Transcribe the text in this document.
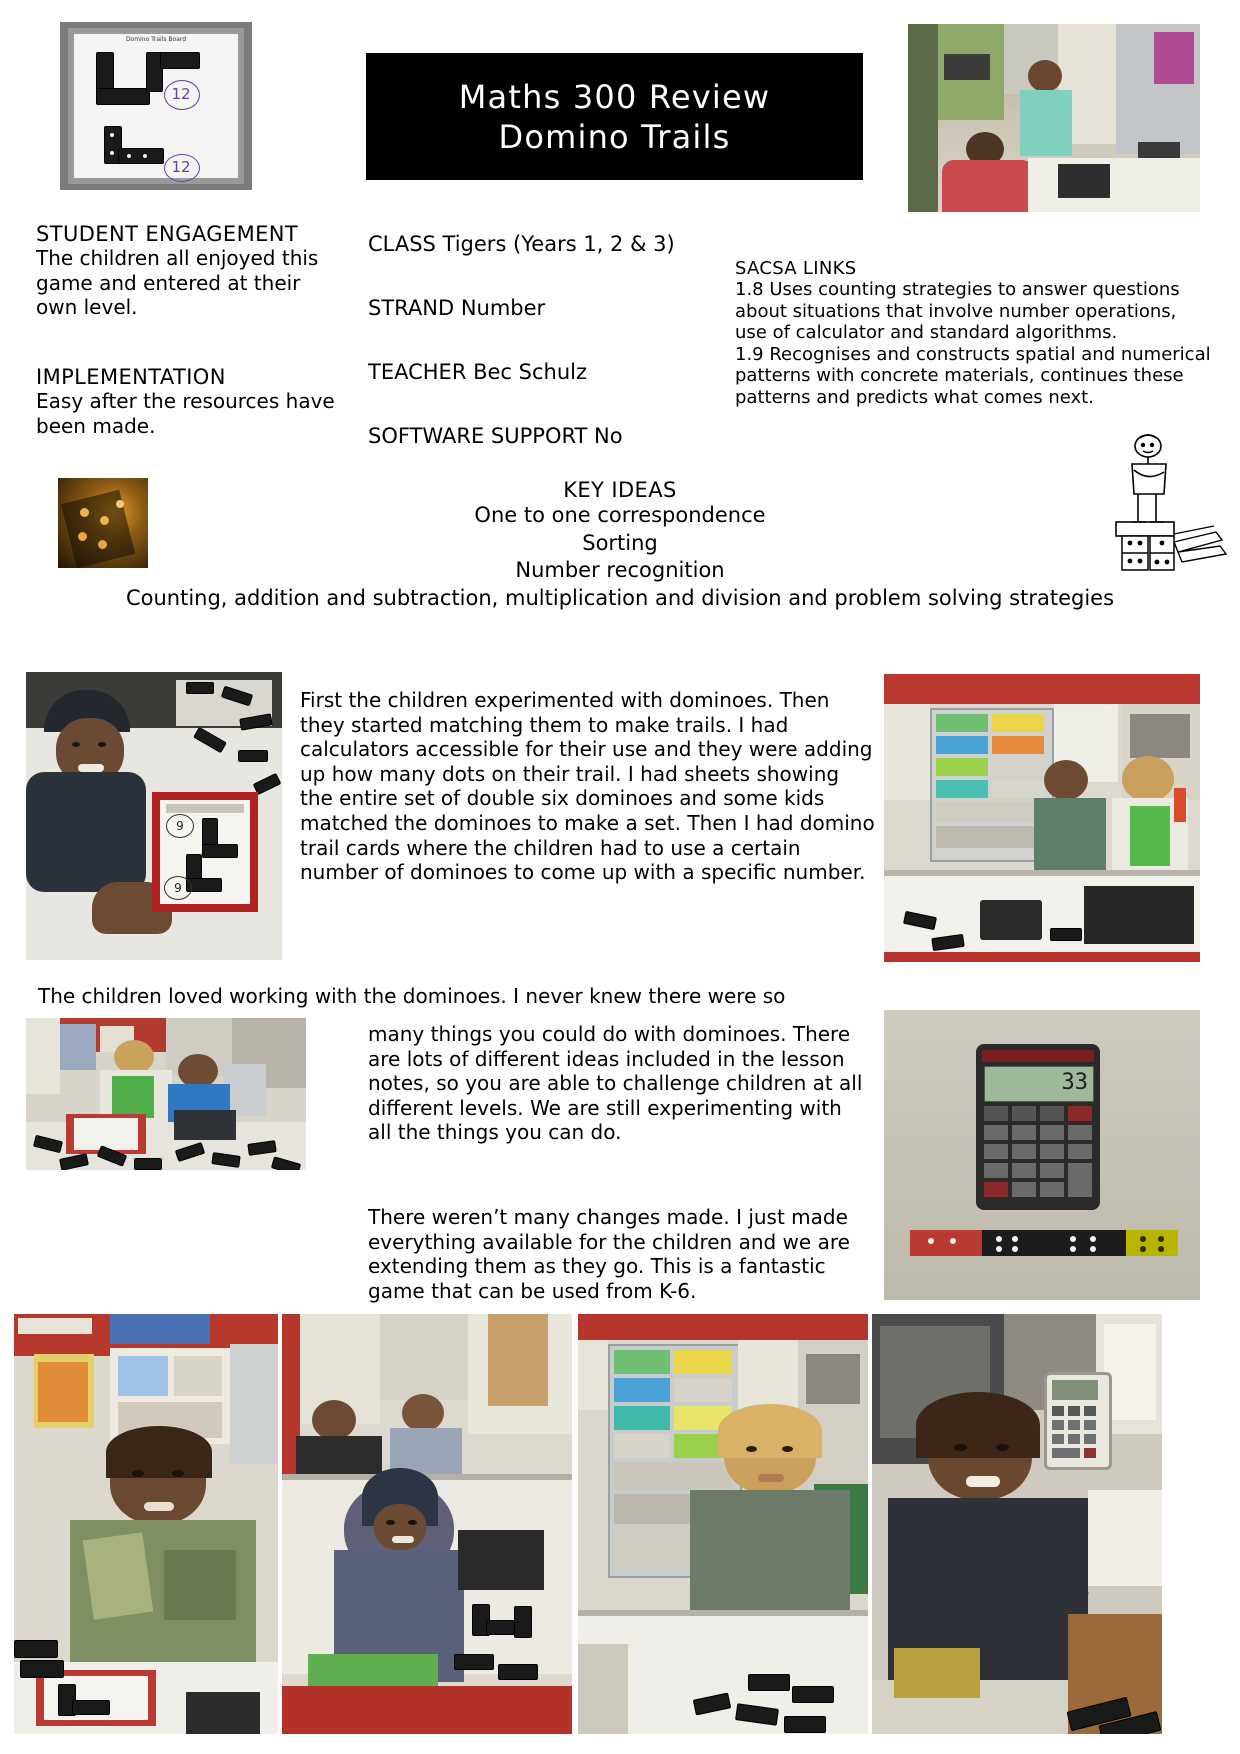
Domino Trails Board
12
12
Maths 300 Review
Domino Trails
STUDENT ENGAGEMENT
The children all enjoyed this game and entered at their own level.
IMPLEMENTATION
Easy after the resources have been made.
CLASS Tigers (Years 1, 2 & 3)
STRAND Number
TEACHER Bec Schulz
SOFTWARE SUPPORT No
SACSA LINKS

1.8 Uses counting strategies to answer questions about situations that involve number operations, use of calculator and standard algorithms.

1.9 Recognises and constructs spatial and numerical patterns with concrete materials, continues these patterns and predicts what comes next.

KEY IDEAS
One to one correspondence
Sorting
Number recognition
Counting, addition and subtraction, multiplication and division and problem solving strategies
9
9
First the children experimented with dominoes. Then they started matching them to make trails. I had calculators accessible for their use and they were adding up how many dots on their trail. I had sheets showing the entire set of double six dominoes and some kids matched the dominoes to make a set. Then I had domino trail cards where the children had to use a certain number of dominoes to come up with a specific number.
The children loved working with the dominoes. I never knew there were so
many things you could do with dominoes. There are lots of different ideas included in the lesson notes, so you are able to challenge children at all different levels. We are still experimenting with all the things you can do.
33
There weren’t many changes made. I just made everything available for the children and we are extending them as they go. This is a fantastic game that can be used from K-6.
